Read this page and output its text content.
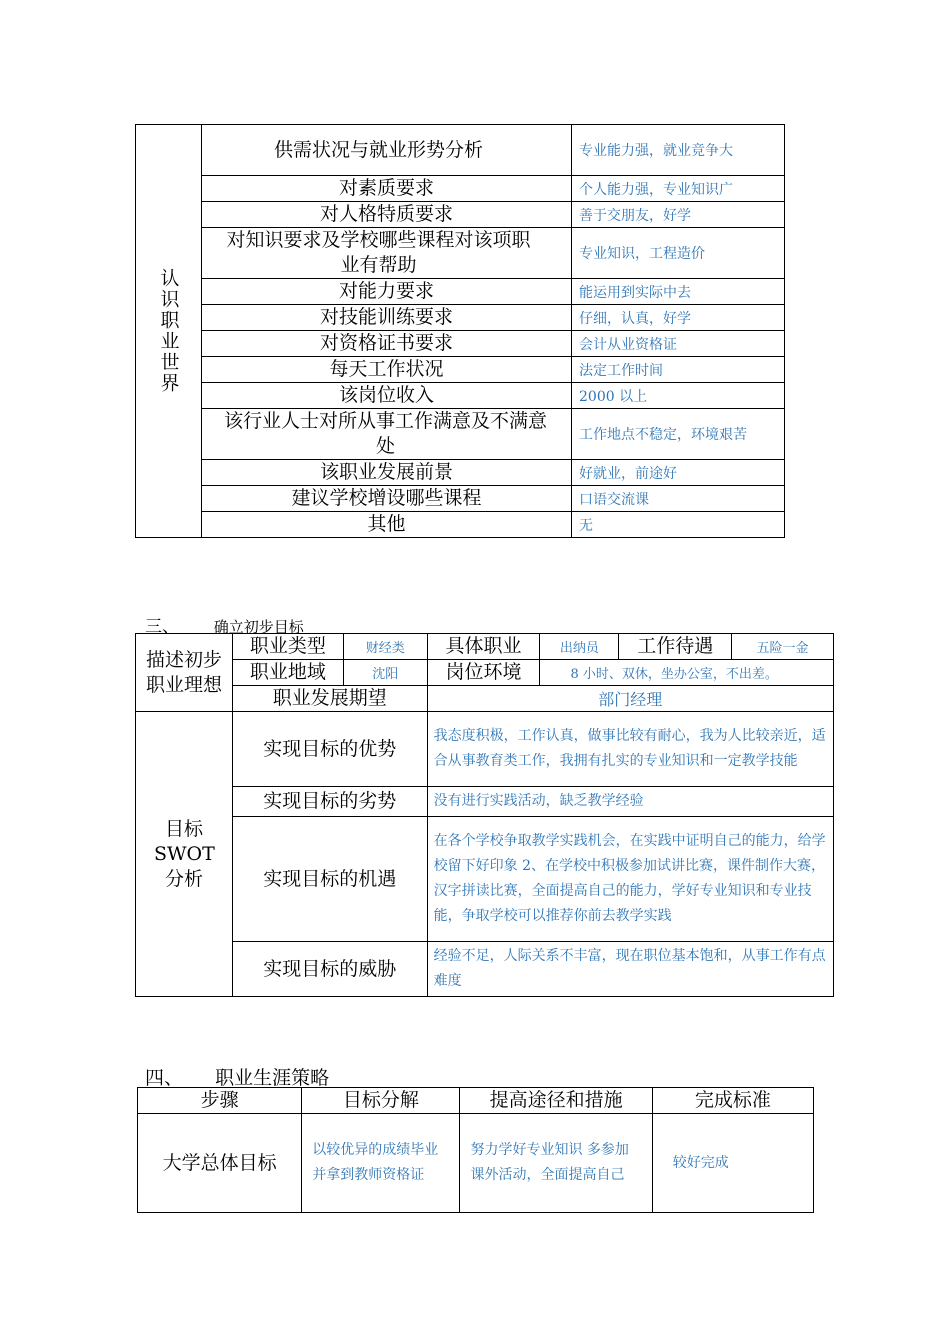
认识职业世界	供需状况与就业形势分析	专业能力强，就业竞争大
	对素质要求	个人能力强，专业知识广
	对人格特质要求	善于交朋友，好学
	对知识要求及学校哪些课程对该项职业有帮助	专业知识，工程造价
	对能力要求	能运用到实际中去
	对技能训练要求	仔细，认真，好学
	对资格证书要求	会计从业资格证
	每天工作状况	法定工作时间
	该岗位收入	2000 以上
	该行业人士对所从事工作满意及不满意处	工作地点不稳定，环境艰苦
	该职业发展前景	好就业，前途好
	建议学校增设哪些课程	口语交流课
	其他	无
三、 确立初步目标
描述初步职业理想	职业类型	财经类	具体职业	出纳员	工作待遇	五险一金
	职业地域	沈阳	岗位环境	8 小时、双休，坐办公室，不出差。		
	职业发展期望		部门经理			

目标 SWOT 分析	实现目标的优势		我态度积极，工作认真，做事比较有耐心，我为人比较亲近，适合从事教育类工作，我拥有扎实的专业知识和一定教学技能			
	实现目标的劣势		没有进行实践活动，缺乏教学经验			
	实现目标的机遇		在各个学校争取教学实践机会，在实践中证明自己的能力，给学校留下好印象 2、在学校中积极参加试讲比赛，课件制作大赛，汉字拼读比赛，全面提高自己的能力，学好专业知识和专业技能，争取学校可以推荐你前去教学实践			
	实现目标的威胁		经验不足，人际关系不丰富，现在职位基本饱和，从事工作有点难度			
四、 职业生涯策略
步骤	目标分解	提高途径和措施	完成标准
大学总体目标	以较优异的成绩毕业并拿到教师资格证	努力学好专业知识 多参加课外活动，全面提高自己	较好完成
